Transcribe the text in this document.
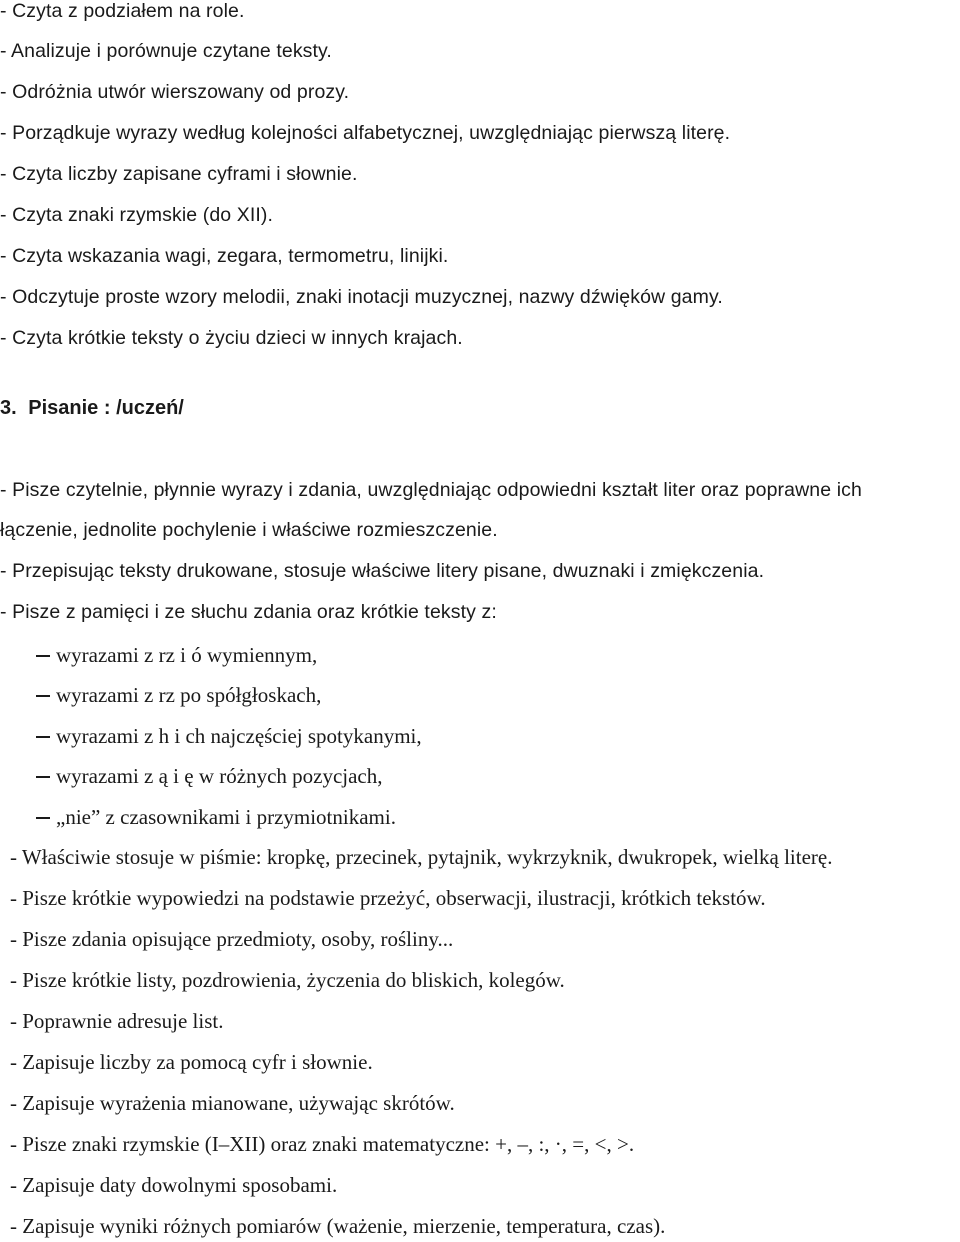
- Czyta z podziałem na role.
- Analizuje i porównuje czytane teksty.
- Odróżnia utwór wierszowany od prozy.
- Porządkuje wyrazy według kolejności alfabetycznej, uwzględniając pierwszą literę.
- Czyta liczby zapisane cyframi i słownie.
- Czyta znaki rzymskie (do XII).
- Czyta wskazania wagi, zegara, termometru, linijki.
- Odczytuje proste wzory melodii, znaki inotacji muzycznej, nazwy dźwięków gamy.
- Czyta krótkie teksty o życiu dzieci w innych krajach.
3. Pisanie : /uczeń/
- Pisze czytelnie, płynnie wyrazy i zdania, uwzględniając odpowiedni kształt liter oraz poprawne ich
łączenie, jednolite pochylenie i właściwe rozmieszczenie.
- Przepisując teksty drukowane, stosuje właściwe litery pisane, dwuznaki i zmiękczenia.
- Pisze z pamięci i ze słuchu zdania oraz krótkie teksty z:
wyrazami z rz i ó wymiennym,
wyrazami z rz po spółgłoskach,
wyrazami z h i ch najczęściej spotykanymi,
wyrazami z ą i ę w różnych pozycjach,
„nie” z czasownikami i przymiotnikami.
- Właściwie stosuje w piśmie: kropkę, przecinek, pytajnik, wykrzyknik, dwukropek, wielką literę.
- Pisze krótkie wypowiedzi na podstawie przeżyć, obserwacji, ilustracji, krótkich tekstów.
- Pisze zdania opisujące przedmioty, osoby, rośliny...
- Pisze krótkie listy, pozdrowienia, życzenia do bliskich, kolegów.
- Poprawnie adresuje list.
- Zapisuje liczby za pomocą cyfr i słownie.
- Zapisuje wyrażenia mianowane, używając skrótów.
- Pisze znaki rzymskie (I–XII) oraz znaki matematyczne: +, –, :, ·, =, <, >.
- Zapisuje daty dowolnymi sposobami.
- Zapisuje wyniki różnych pomiarów (ważenie, mierzenie, temperatura, czas).
